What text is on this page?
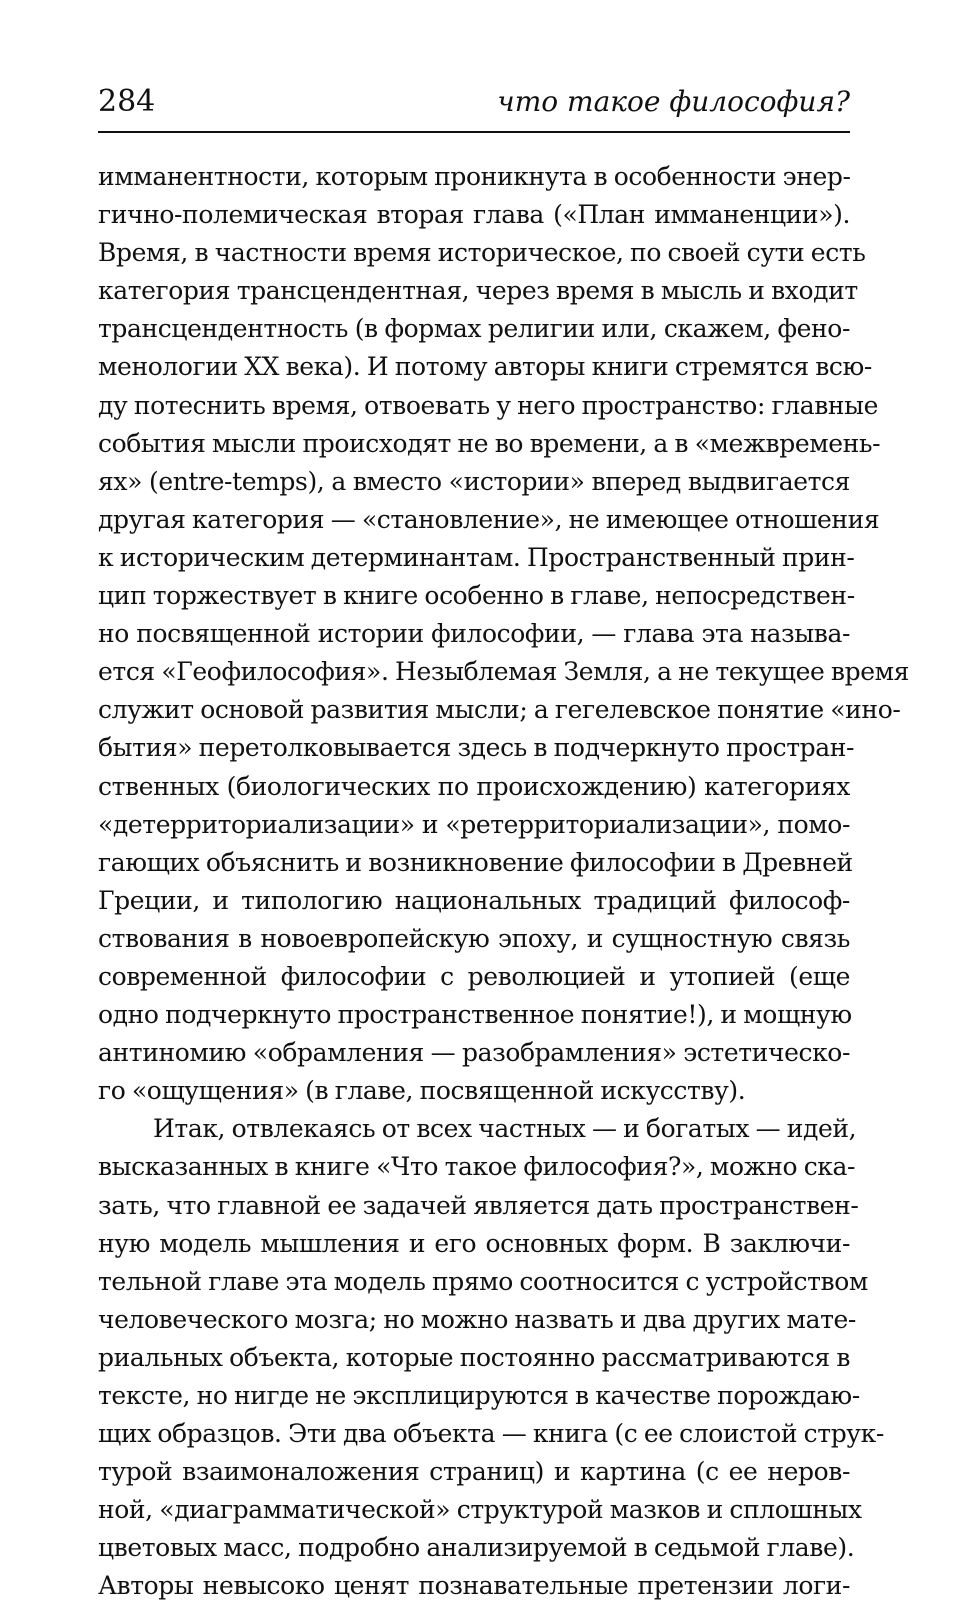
284	что такое философия?
имманентности, которым проникнута в особенности энер-
гично-полемическая вторая глава («План имманенции»).
Время, в частности время историческое, по своей сути есть
категория трансцендентная, через время в мысль и входит
трансцендентность (в формах религии или, скажем, фено-
менологии XX века). И потому авторы книги стремятся всю-
ду потеснить время, отвоевать у него пространство: главные
события мысли происходят не во времени, а в «межвремень-
ях» (entre-temps), а вместо «истории» вперед выдвигается
другая категория — «становление», не имеющее отношения
к историческим детерминантам. Пространственный прин-
цип торжествует в книге особенно в главе, непосредствен-
но посвященной истории философии, — глава эта называ-
ется «Геофилософия». Незыблемая Земля, а не текущее время
служит основой развития мысли; а гегелевское понятие «ино-
бытия» перетолковывается здесь в подчеркнуто простран-
ственных (биологических по происхождению) категориях
«детерриториализации» и «ретерриториализации», помо-
гающих объяснить и возникновение философии в Древней
Греции, и типологию национальных традиций философ-
ствования в новоевропейскую эпоху, и сущностную связь
современной философии с революцией и утопией (еще
одно подчеркнуто пространственное понятие!), и мощную
антиномию «обрамления — разобрамления» эстетическо-
го «ощущения» (в главе, посвященной искусству).
Итак, отвлекаясь от всех частных — и богатых — идей,
высказанных в книге «Что такое философия?», можно ска-
зать, что главной ее задачей является дать пространствен-
ную модель мышления и его основных форм. В заключи-
тельной главе эта модель прямо соотносится с устройством
человеческого мозга; но можно назвать и два других мате-
риальных объекта, которые постоянно рассматриваются в
тексте, но нигде не эксплицируются в качестве порождаю-
щих образцов. Эти два объекта — книга (с ее слоистой струк-
турой взаимоналожения страниц) и картина (с ее неров-
ной, «диаграмматической» структурой мазков и сплошных
цветовых масс, подробно анализируемой в седьмой главе).
Авторы невысоко ценят познавательные претензии логи-
